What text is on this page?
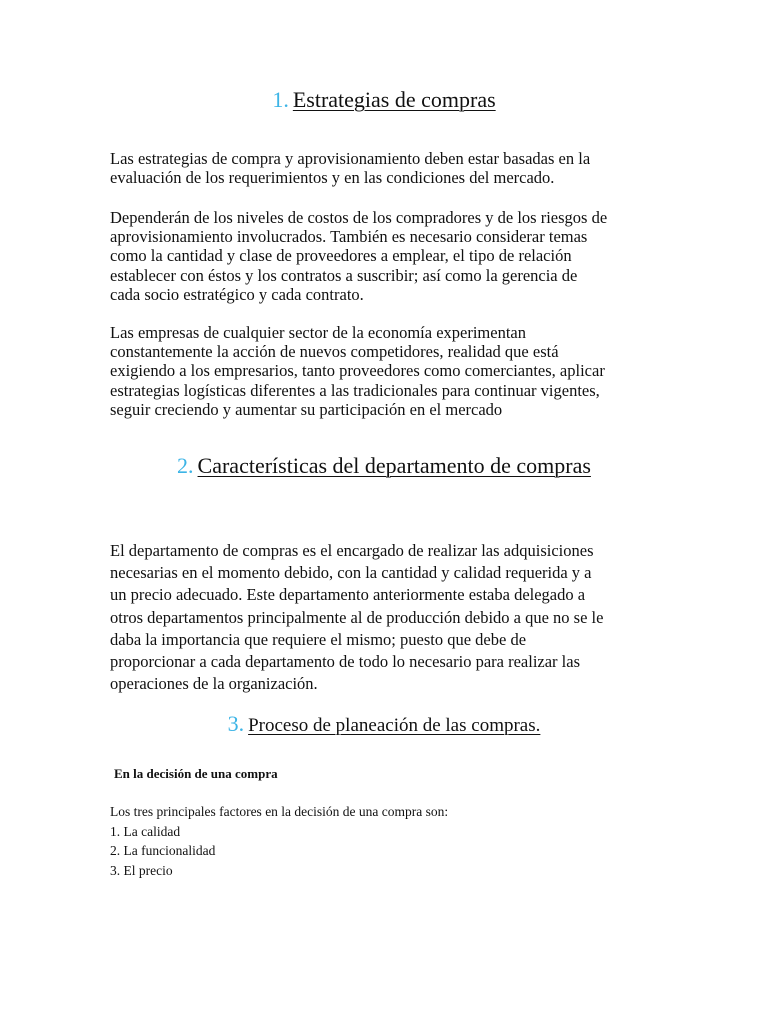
1. Estrategias de compras
Las estrategias de compra y aprovisionamiento deben estar basadas en la
evaluación de los requerimientos y en las condiciones del mercado.
Dependerán de los niveles de costos de los compradores y de los riesgos de
aprovisionamiento involucrados. También es necesario considerar temas
como la cantidad y clase de proveedores a emplear, el tipo de relación
establecer con éstos y los contratos a suscribir; así como la gerencia de
cada socio estratégico y cada contrato.
Las empresas de cualquier sector de la economía experimentan
constantemente la acción de nuevos competidores, realidad que está
exigiendo a los empresarios, tanto proveedores como comerciantes, aplicar
estrategias logísticas diferentes a las tradicionales para continuar vigentes,
seguir creciendo y aumentar su participación en el mercado
2. Características del departamento de compras
El departamento de compras es el encargado de realizar las adquisiciones
necesarias en el momento debido, con la cantidad y calidad requerida y a
un precio adecuado. Este departamento anteriormente estaba delegado a
otros departamentos principalmente al de producción debido a que no se le
daba la importancia que requiere el mismo; puesto que debe de
proporcionar a cada departamento de todo lo necesario para realizar las
operaciones de la organización.
3. Proceso de planeación de las compras.
En la decisión de una compra
Los tres principales factores en la decisión de una compra son:
1. La calidad
2. La funcionalidad
3. El precio
